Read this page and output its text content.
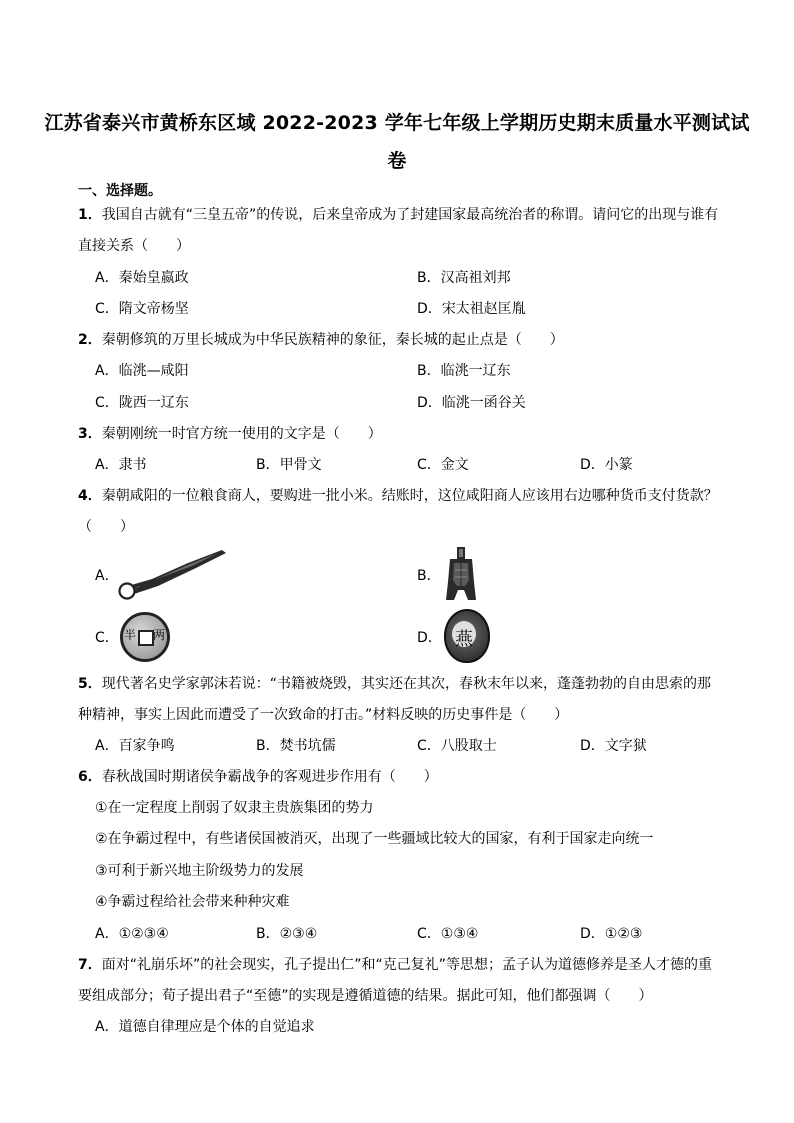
江苏省泰兴市黄桥东区域 2022-2023 学年七年级上学期历史期末质量水平测试试
卷
一、选择题。
1．我国自古就有“三皇五帝”的传说，后来皇帝成为了封建国家最高统治者的称谓。请问它的出现与谁有
直接关系（　　）
A．秦始皇嬴政	B．汉高祖刘邦
C．隋文帝杨坚	D．宋太祖赵匡胤
2．秦朝修筑的万里长城成为中华民族精神的象征，秦长城的起止点是（　　）
A．临洮—咸阳	B．临洮一辽东
C．陇西一辽东	D．临洮一函谷关
3．秦朝刚统一时官方统一使用的文字是（　　）
A．隶书	B．甲骨文	C．金文	D．小篆
4．秦朝咸阳的一位粮食商人，要购进一批小米。结账时，这位咸阳商人应该用右边哪种货币支付货款？
（　　）
A．	B．
C． 半 两	D． 燕
5．现代著名史学家郭沫若说：“书籍被烧毁，其实还在其次，春秋末年以来，蓬蓬勃勃的自由思索的那
种精神，事实上因此而遭受了一次致命的打击。”材料反映的历史事件是（　　）
A．百家争鸣	B．焚书坑儒	C．八股取士	D．文字狱
6．春秋战国时期诸侯争霸战争的客观进步作用有（　　）
①在一定程度上削弱了奴隶主贵族集团的势力
②在争霸过程中，有些诸侯国被消灭，出现了一些疆域比较大的国家，有利于国家走向统一
③可利于新兴地主阶级势力的发展
④争霸过程给社会带来种种灾难
A．①②③④	B．②③④	C．①③④	D．①②③
7．面对“礼崩乐坏”的社会现实，孔子提出仁”和“克己复礼”等思想；孟子认为道德修养是圣人才德的重
要组成部分；荀子提出君子“至德”的实现是遵循道德的结果。据此可知，他们都强调（　　）
A．道德自律理应是个体的自觉追求
